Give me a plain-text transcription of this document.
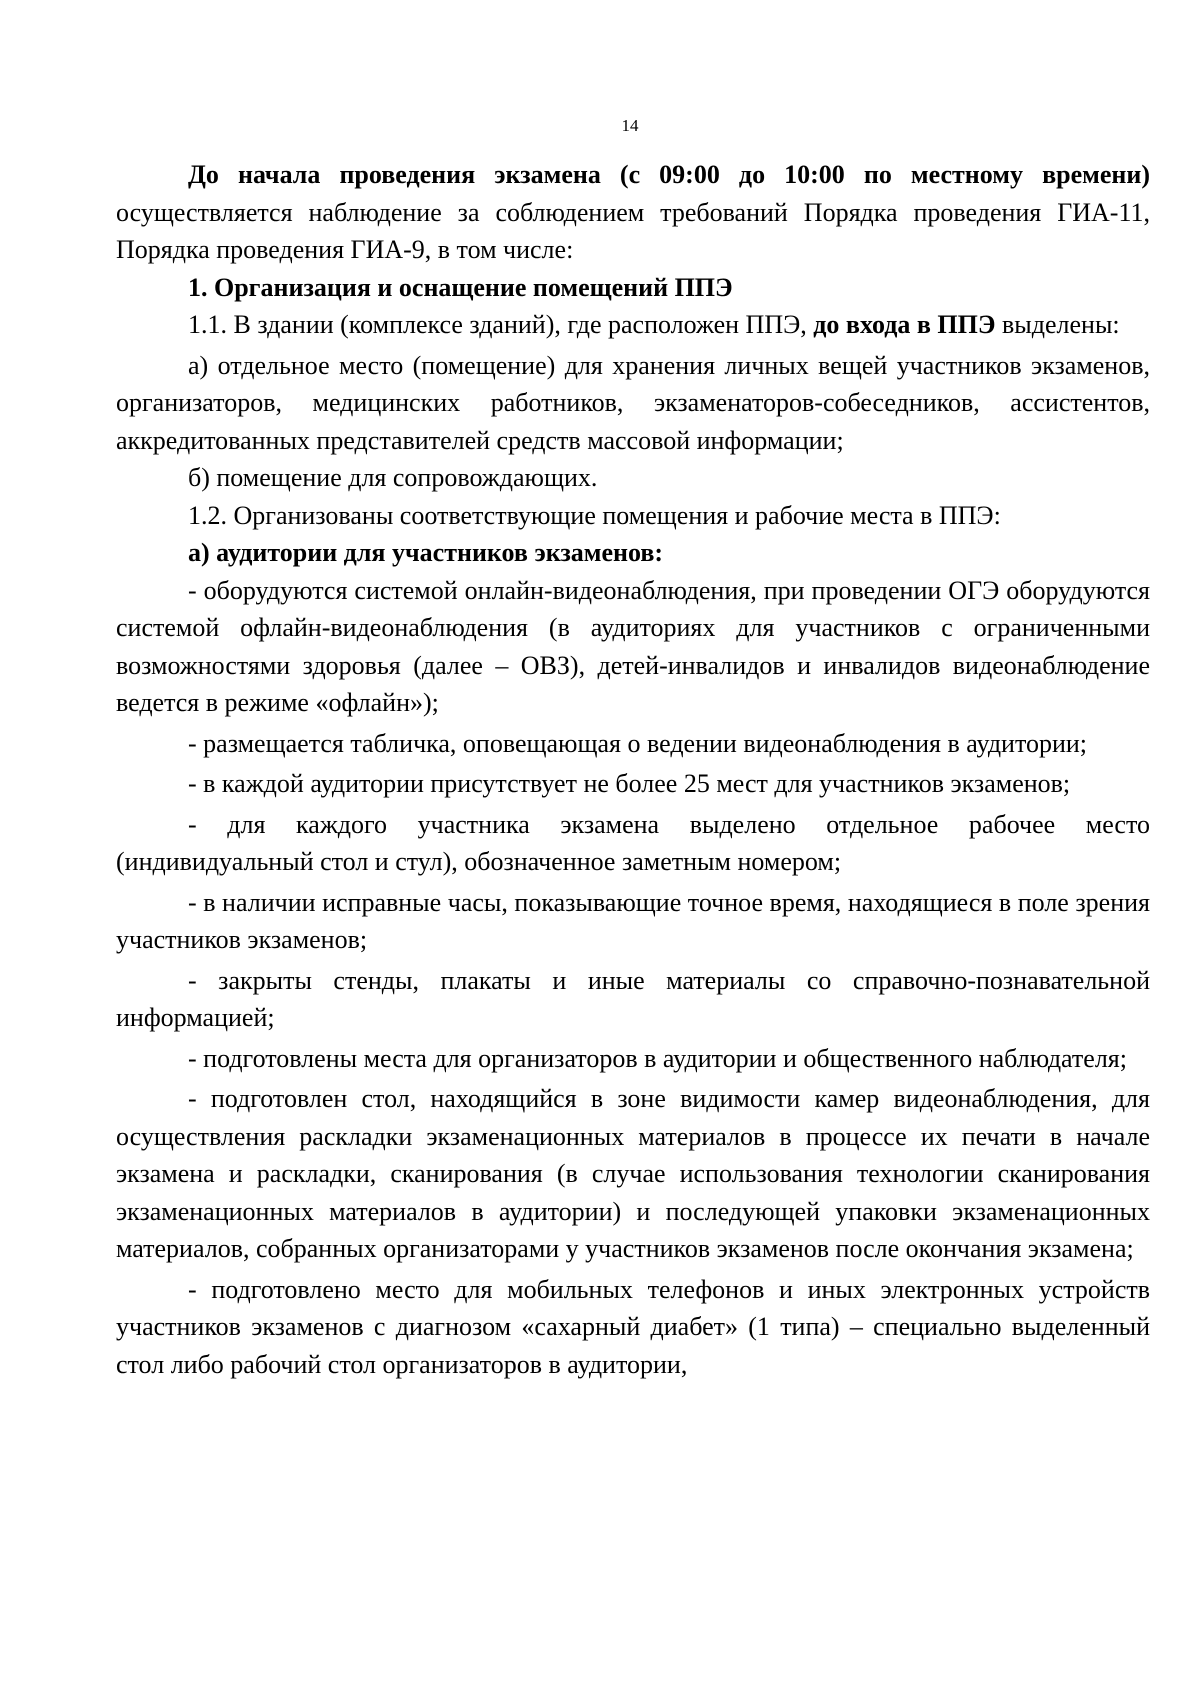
14

До начала проведения экзамена (с 09:00 до 10:00 по местному времени) осуществляется наблюдение за соблюдением требований Порядка проведения ГИА-11, Порядка проведения ГИА-9, в том числе:

1. Организация и оснащение помещений ППЭ

1.1. В здании (комплексе зданий), где расположен ППЭ, до входа в ППЭ выделены:

а) отдельное место (помещение) для хранения личных вещей участников экзаменов, организаторов, медицинских работников, экзаменаторов-собеседников, ассистентов, аккредитованных представителей средств массовой информации;

б) помещение для сопровождающих.

1.2. Организованы соответствующие помещения и рабочие места в ППЭ:

а) аудитории для участников экзаменов:

- оборудуются системой онлайн-видеонаблюдения, при проведении ОГЭ оборудуются системой офлайн-видеонаблюдения (в аудиториях для участников с ограниченными возможностями здоровья (далее – ОВЗ), детей-инвалидов и инвалидов видеонаблюдение ведется в режиме «офлайн»);

- размещается табличка, оповещающая о ведении видеонаблюдения в аудитории;

- в каждой аудитории присутствует не более 25 мест для участников экзаменов;

- для каждого участника экзамена выделено отдельное рабочее место (индивидуальный стол и стул), обозначенное заметным номером;

- в наличии исправные часы, показывающие точное время, находящиеся в поле зрения участников экзаменов;

- закрыты стенды, плакаты и иные материалы со справочно-познавательной информацией;

- подготовлены места для организаторов в аудитории и общественного наблюдателя;

- подготовлен стол, находящийся в зоне видимости камер видеонаблюдения, для осуществления раскладки экзаменационных материалов в процессе их печати в начале экзамена и раскладки, сканирования (в случае использования технологии сканирования экзаменационных материалов в аудитории) и последующей упаковки экзаменационных материалов, собранных организаторами у участников экзаменов после окончания экзамена;

- подготовлено место для мобильных телефонов и иных электронных устройств участников экзаменов с диагнозом «сахарный диабет» (1 типа) – специально выделенный стол либо рабочий стол организаторов в аудитории,
